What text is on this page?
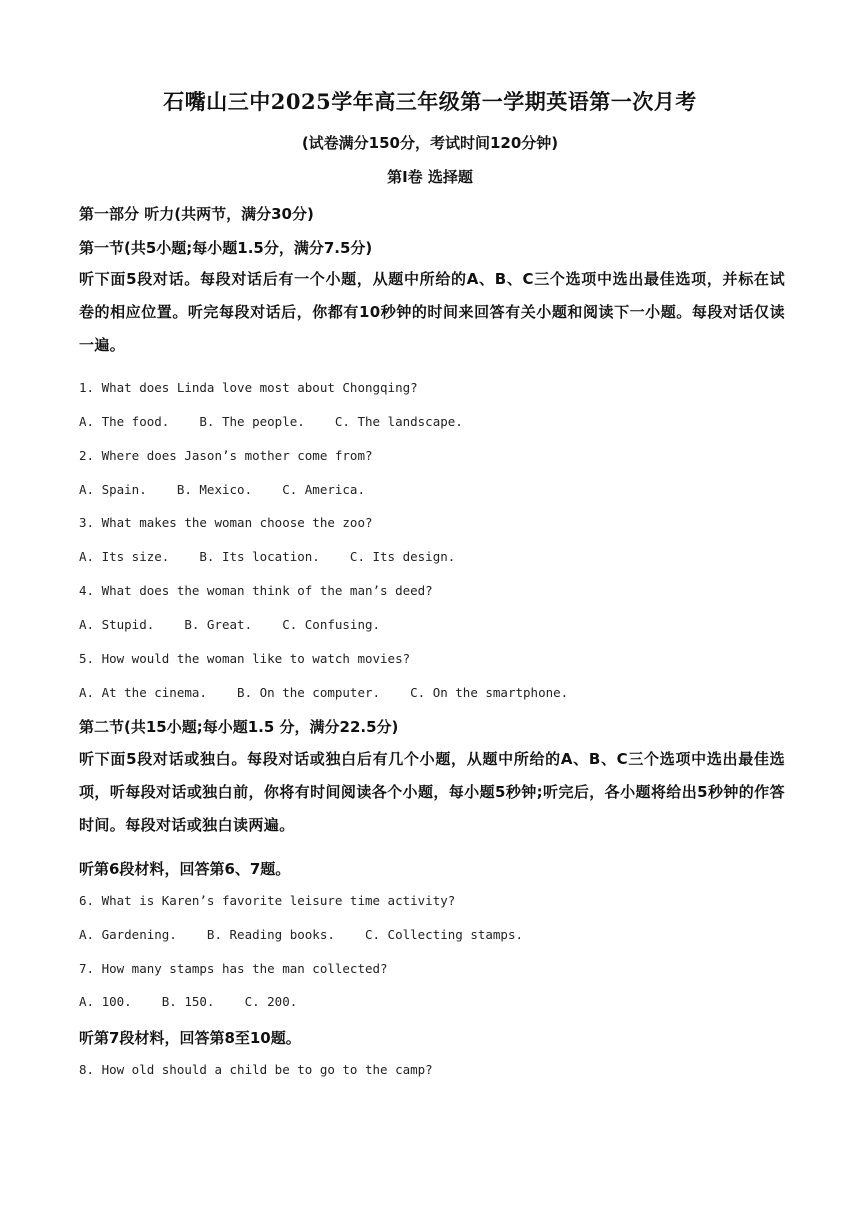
石嘴山三中2025学年高三年级第一学期英语第一次月考
(试卷满分150分，考试时间120分钟)
第Ⅰ卷 选择题
第一部分 听力(共两节，满分30分)
第一节(共5小题;每小题1.5分，满分7.5分)
听下面5段对话。每段对话后有一个小题，从题中所给的A、B、C三个选项中选出最佳选项，并标在试卷的相应位置。听完每段对话后，你都有10秒钟的时间来回答有关小题和阅读下一小题。每段对话仅读一遍。
1. What does Linda love most about Chongqing?
A. The food.    B. The people.    C. The landscape.
2. Where does Jason’s mother come from?
A. Spain.    B. Mexico.    C. America.
3. What makes the woman choose the zoo?
A. Its size.    B. Its location.    C. Its design.
4. What does the woman think of the man’s deed?
A. Stupid.    B. Great.    C. Confusing.
5. How would the woman like to watch movies?
A. At the cinema.    B. On the computer.    C. On the smartphone.
第二节(共15小题;每小题1.5 分，满分22.5分)
听下面5段对话或独白。每段对话或独白后有几个小题，从题中所给的A、B、C三个选项中选出最佳选项，听每段对话或独白前，你将有时间阅读各个小题，每小题5秒钟;听完后，各小题将给出5秒钟的作答时间。每段对话或独白读两遍。
听第6段材料，回答第6、7题。
6. What is Karen’s favorite leisure time activity?
A. Gardening.    B. Reading books.    C. Collecting stamps.
7. How many stamps has the man collected?
A. 100.    B. 150.    C. 200.
听第7段材料，回答第8至10题。
8. How old should a child be to go to the camp?
